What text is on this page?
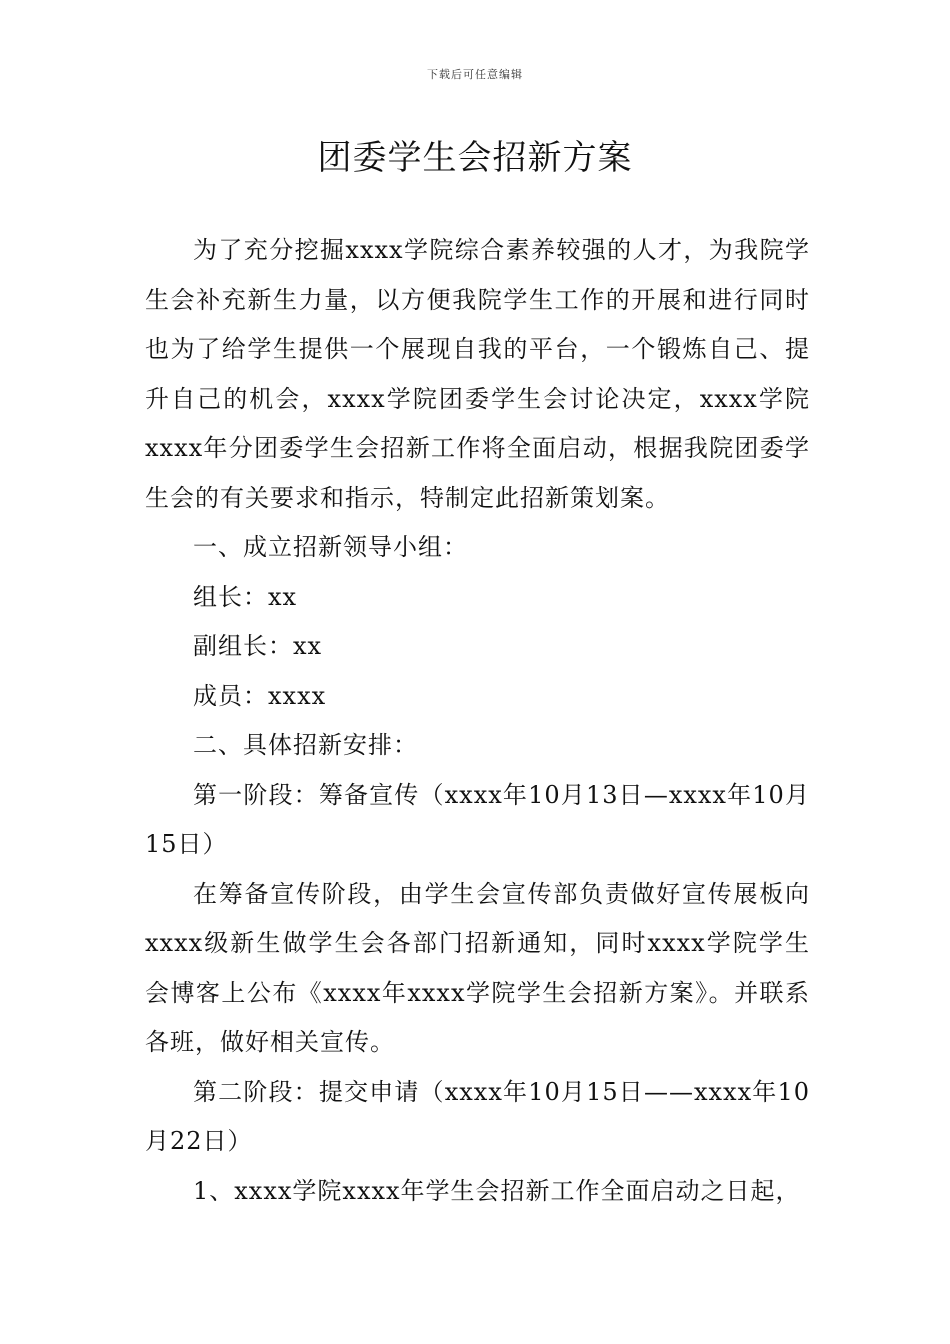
下载后可任意编辑
团委学生会招新方案

为了充分挖掘xxxx学院综合素养较强的人才，为我院学生会补充新生力量，以方便我院学生工作的开展和进行同时也为了给学生提供一个展现自我的平台，一个锻炼自己、提升自己的机会，xxxx学院团委学生会讨论决定，xxxx学院xxxx年分团委学生会招新工作将全面启动，根据我院团委学生会的有关要求和指示，特制定此招新策划案。

一、成立招新领导小组：

组长：xx

副组长：xx

成员：xxxx

二、具体招新安排：

第一阶段：筹备宣传（xxxx年10月13日—xxxx年10月15日）

在筹备宣传阶段，由学生会宣传部负责做好宣传展板向xxxx级新生做学生会各部门招新通知，同时xxxx学院学生会博客上公布《xxxx年xxxx学院学生会招新方案》。并联系各班，做好相关宣传。

第二阶段：提交申请（xxxx年10月15日——xxxx年10月22日）

1、xxxx学院xxxx年学生会招新工作全面启动之日起，
